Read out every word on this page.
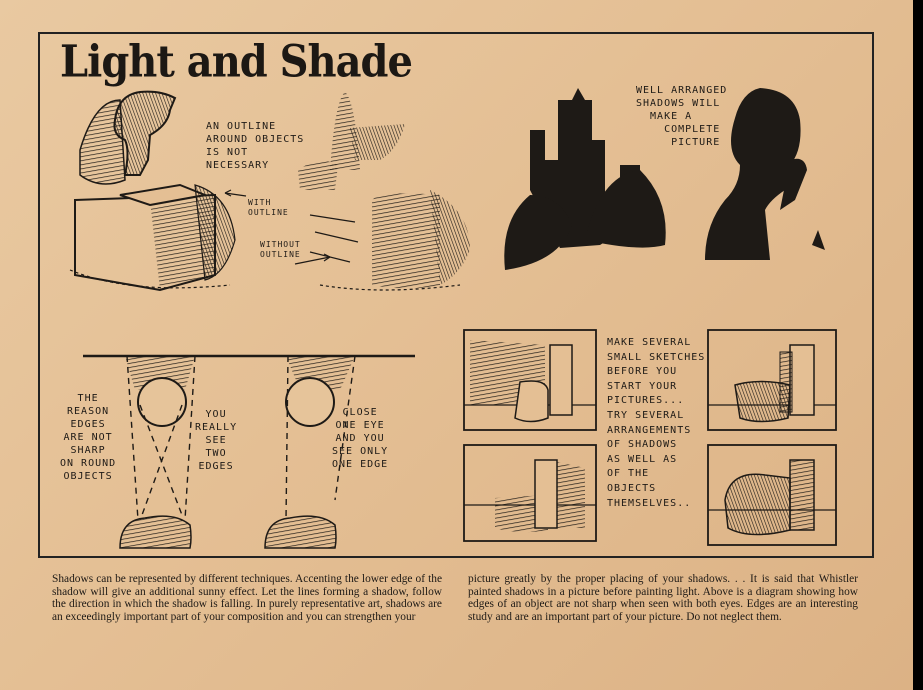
Light and Shade
AN OUTLINE
AROUND OBJECTS
IS NOT
NECESSARY
WITH
OUTLINE
WITHOUT
OUTLINE
WELL ARRANGED
SHADOWS WILL
MAKE A
COMPLETE
PICTURE
THE
REASON
EDGES
ARE NOT
SHARP
ON ROUND
OBJECTS
YOU
REALLY
SEE
TWO
EDGES
CLOSE
ONE EYE
AND YOU
SEE ONLY
ONE EDGE
MAKE SEVERAL
SMALL SKETCHES
BEFORE YOU
START YOUR
PICTURES...
TRY SEVERAL
ARRANGEMENTS
OF SHADOWS
AS WELL AS
OF THE
OBJECTS
THEMSELVES..
Shadows can be represented by different techniques. Accenting the lower edge of the shadow will give an additional sunny effect. Let the lines forming a shadow, follow the direction in which the shadow is falling. In purely representative art, shadows are an exceedingly important part of your composition and you can strengthen your
picture greatly by the proper placing of your shadows. . . It is said that Whistler painted shadows in a picture before painting light. Above is a diagram showing how edges of an object are not sharp when seen with both eyes. Edges are an interesting study and are an important part of your picture. Do not neglect them.
